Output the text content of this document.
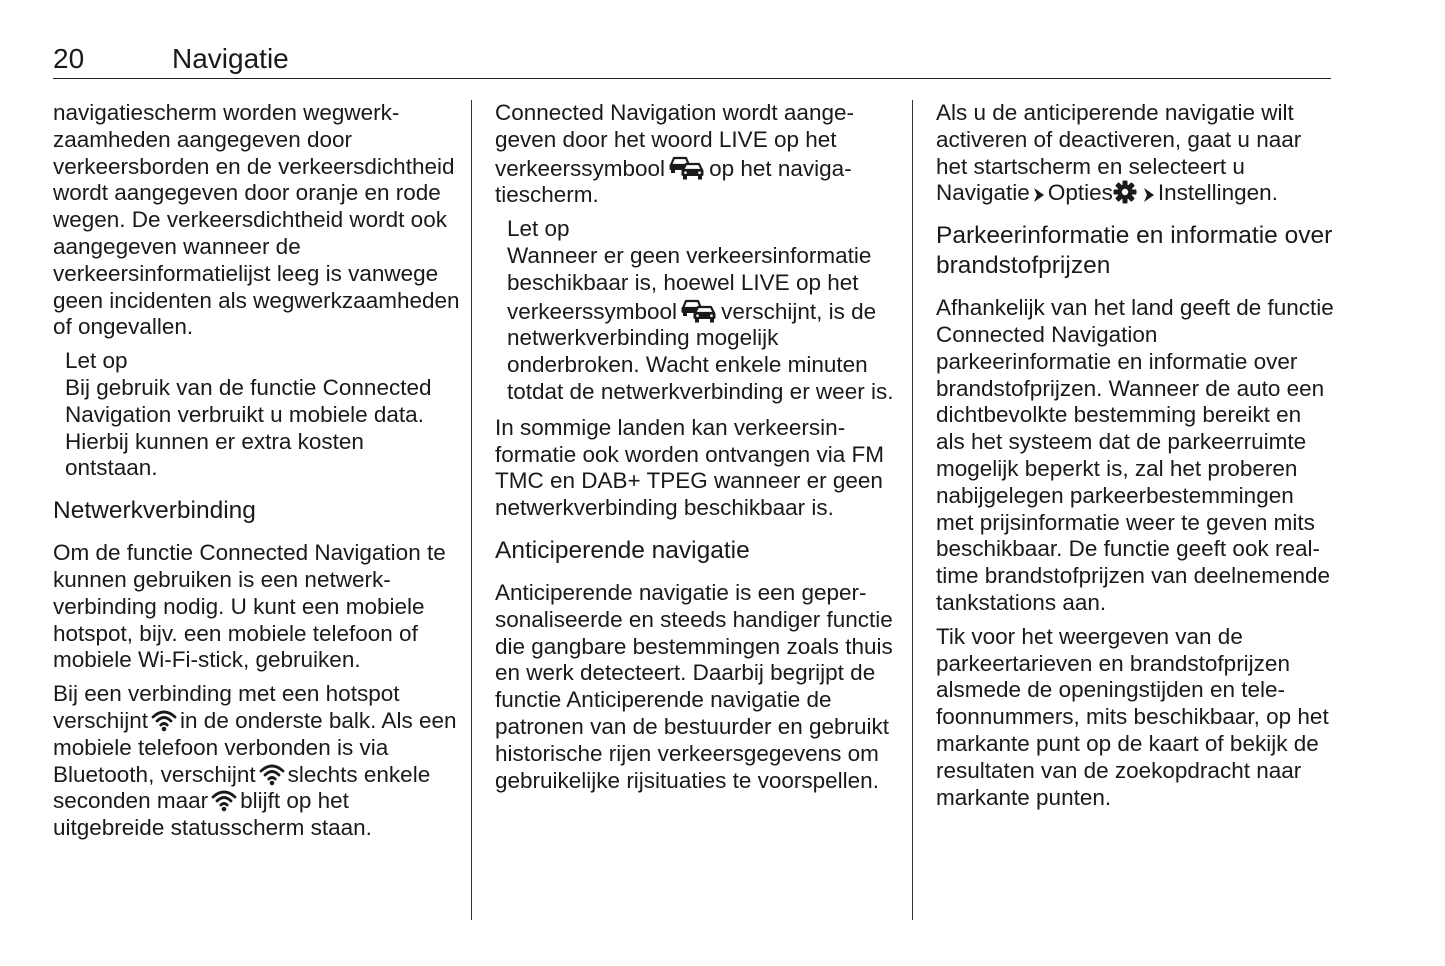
20	Navigatie

navigatiescherm worden wegwerkzaamheden aangegeven door verkeersborden en de verkeersdichtheid wordt aangegeven door oranje en rode wegen. De verkeersdichtheid wordt ook aangegeven wanneer de verkeersinformatielijst leeg is vanwege geen incidenten als wegwerkzaamheden of ongevallen.

Let op
Bij gebruik van de functie Connected Navigation verbruikt u mobiele data. Hierbij kunnen er extra kosten ontstaan.
Netwerkverbinding

Om de functie Connected Navigation te kunnen gebruiken is een netwerkverbinding nodig. U kunt een mobiele hotspot, bijv. een mobiele telefoon of mobiele Wi-Fi-stick, gebruiken.

Bij een verbinding met een hotspot verschijnt in de onderste balk. Als een mobiele telefoon verbonden is via Bluetooth, verschijnt slechts enkele seconden maar blijft op het uitgebreide statusscherm staan.

Connected Navigation wordt aangegeven door het woord LIVE op het verkeerssymbool op het navigatiescherm.

Let op
Wanneer er geen verkeersinformatie beschikbaar is, hoewel LIVE op het verkeerssymbool verschijnt, is de netwerkverbinding mogelijk onderbroken. Wacht enkele minuten totdat de netwerkverbinding er weer is.

In sommige landen kan verkeersinformatie ook worden ontvangen via FM TMC en DAB+ TPEG wanneer er geen netwerkverbinding beschikbaar is.

Anticiperende navigatie

Anticiperende navigatie is een gepersonaliseerde en steeds handiger functie die gangbare bestemmingen zoals thuis en werk detecteert. Daarbij begrijpt de functie Anticiperende navigatie de patronen van de bestuurder en gebruikt historische rijen verkeersgegevens om gebruikelijke rijsituaties te voorspellen.

Als u de anticiperende navigatie wilt activeren of deactiveren, gaat u naar het startscherm en selecteert u Navigatie Opties Instellingen.

Parkeerinformatie en informatie over brandstofprijzen

Afhankelijk van het land geeft de functie Connected Navigation parkeerinformatie en informatie over brandstofprijzen. Wanneer de auto een dichtbevolkte bestemming bereikt en als het systeem dat de parkeerruimte mogelijk beperkt is, zal het proberen nabijgelegen parkeerbestemmingen met prijsinformatie weer te geven mits beschikbaar. De functie geeft ook real-time brandstofprijzen van deelnemende tankstations aan.

Tik voor het weergeven van de parkeertarieven en brandstofprijzen alsmede de openingstijden en telefoonnummers, mits beschikbaar, op het markante punt op de kaart of bekijk de resultaten van de zoekopdracht naar markante punten.
